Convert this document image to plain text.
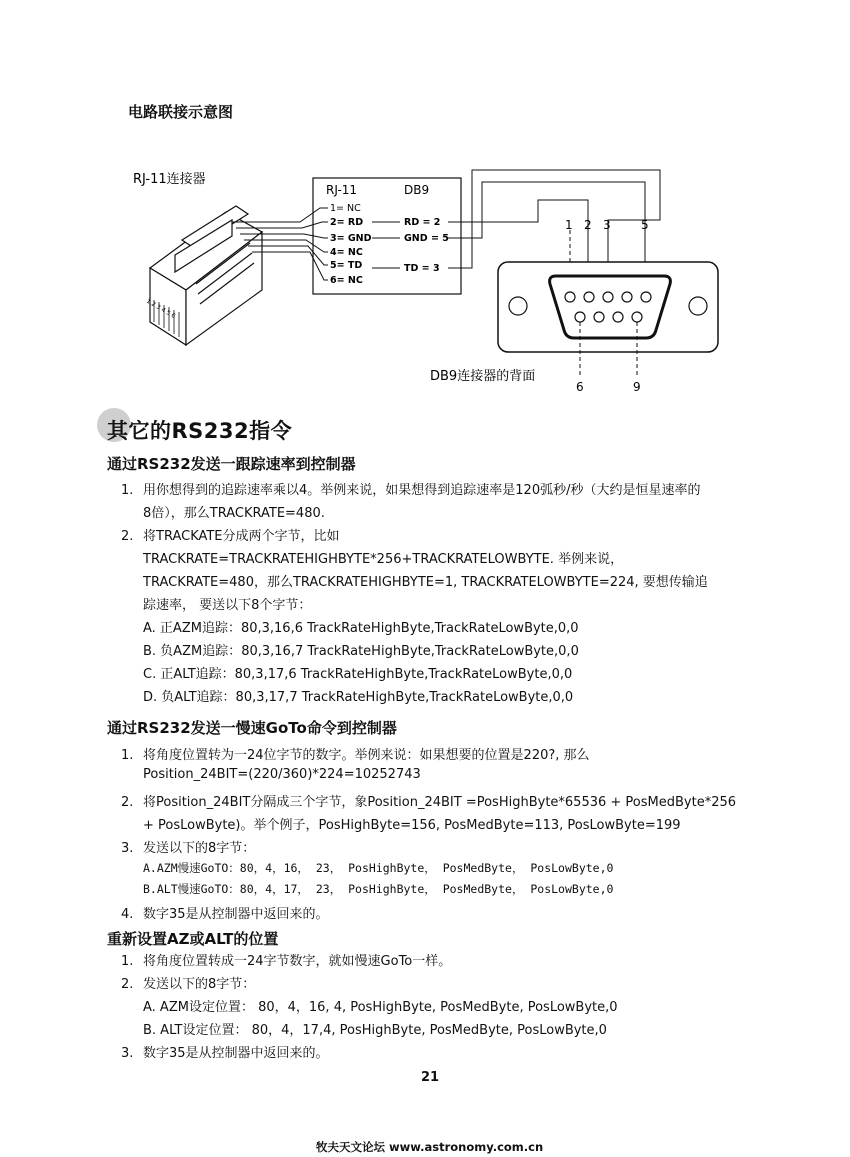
电路联接示意图
RJ-11连接器
1 2 3 4 5 6
RJ-11	DB9
1= NC
2= RD
3= GND
4= NC
5= TD
6= NC
RD = 2
GND = 5
TD = 3
1 2 3	5
DB9连接器的背面
6	9
其它的RS232指令
通过RS232发送一跟踪速率到控制器
1. 用你想得到的追踪速率乘以4。举例来说，如果想得到追踪速率是120弧秒/秒（大约是恒星速率的
8倍），那么TRACKRATE=480.
2. 将TRACKATE分成两个字节，比如
TRACKRATE=TRACKRATEHIGHBYTE*256+TRACKRATELOWBYTE. 举例来说，
TRACKRATE=480，那么TRACKRATEHIGHBYTE=1, TRACKRATELOWBYTE=224, 要想传输追
踪速率， 要送以下8个字节：
A. 正AZM追踪：80,3,16,6 TrackRateHighByte,TrackRateLowByte,0,0
B. 负AZM追踪：80,3,16,7 TrackRateHighByte,TrackRateLowByte,0,0
C. 正ALT追踪：80,3,17,6 TrackRateHighByte,TrackRateLowByte,0,0
D. 负ALT追踪：80,3,17,7 TrackRateHighByte,TrackRateLowByte,0,0
通过RS232发送一慢速GoTo命令到控制器
1. 将角度位置转为一24位字节的数字。举例来说：如果想要的位置是220?, 那么
Position_24BIT=(220/360)*224=10252743
2. 将Position_24BIT分隔成三个字节，象Position_24BIT =PosHighByte*65536 + PosMedByte*256
+ PosLowByte)。举个例子，PosHighByte=156, PosMedByte=113, PosLowByte=199
3. 发送以下的8字节：
A.AZM慢速GoTO：80，4，16， 23， PosHighByte， PosMedByte， PosLowByte,0
B.ALT慢速GoTO：80，4，17， 23， PosHighByte， PosMedByte， PosLowByte,0
4. 数字35是从控制器中返回来的。
重新设置AZ或ALT的位置
1. 将角度位置转成一24字节数字，就如慢速GoTo一样。
2. 发送以下的8字节：
A. AZM设定位置： 80，4，16, 4, PosHighByte, PosMedByte, PosLowByte,0
B. ALT设定位置： 80，4，17,4, PosHighByte, PosMedByte, PosLowByte,0
3. 数字35是从控制器中返回来的。
21
牧夫天文论坛 www.astronomy.com.cn
